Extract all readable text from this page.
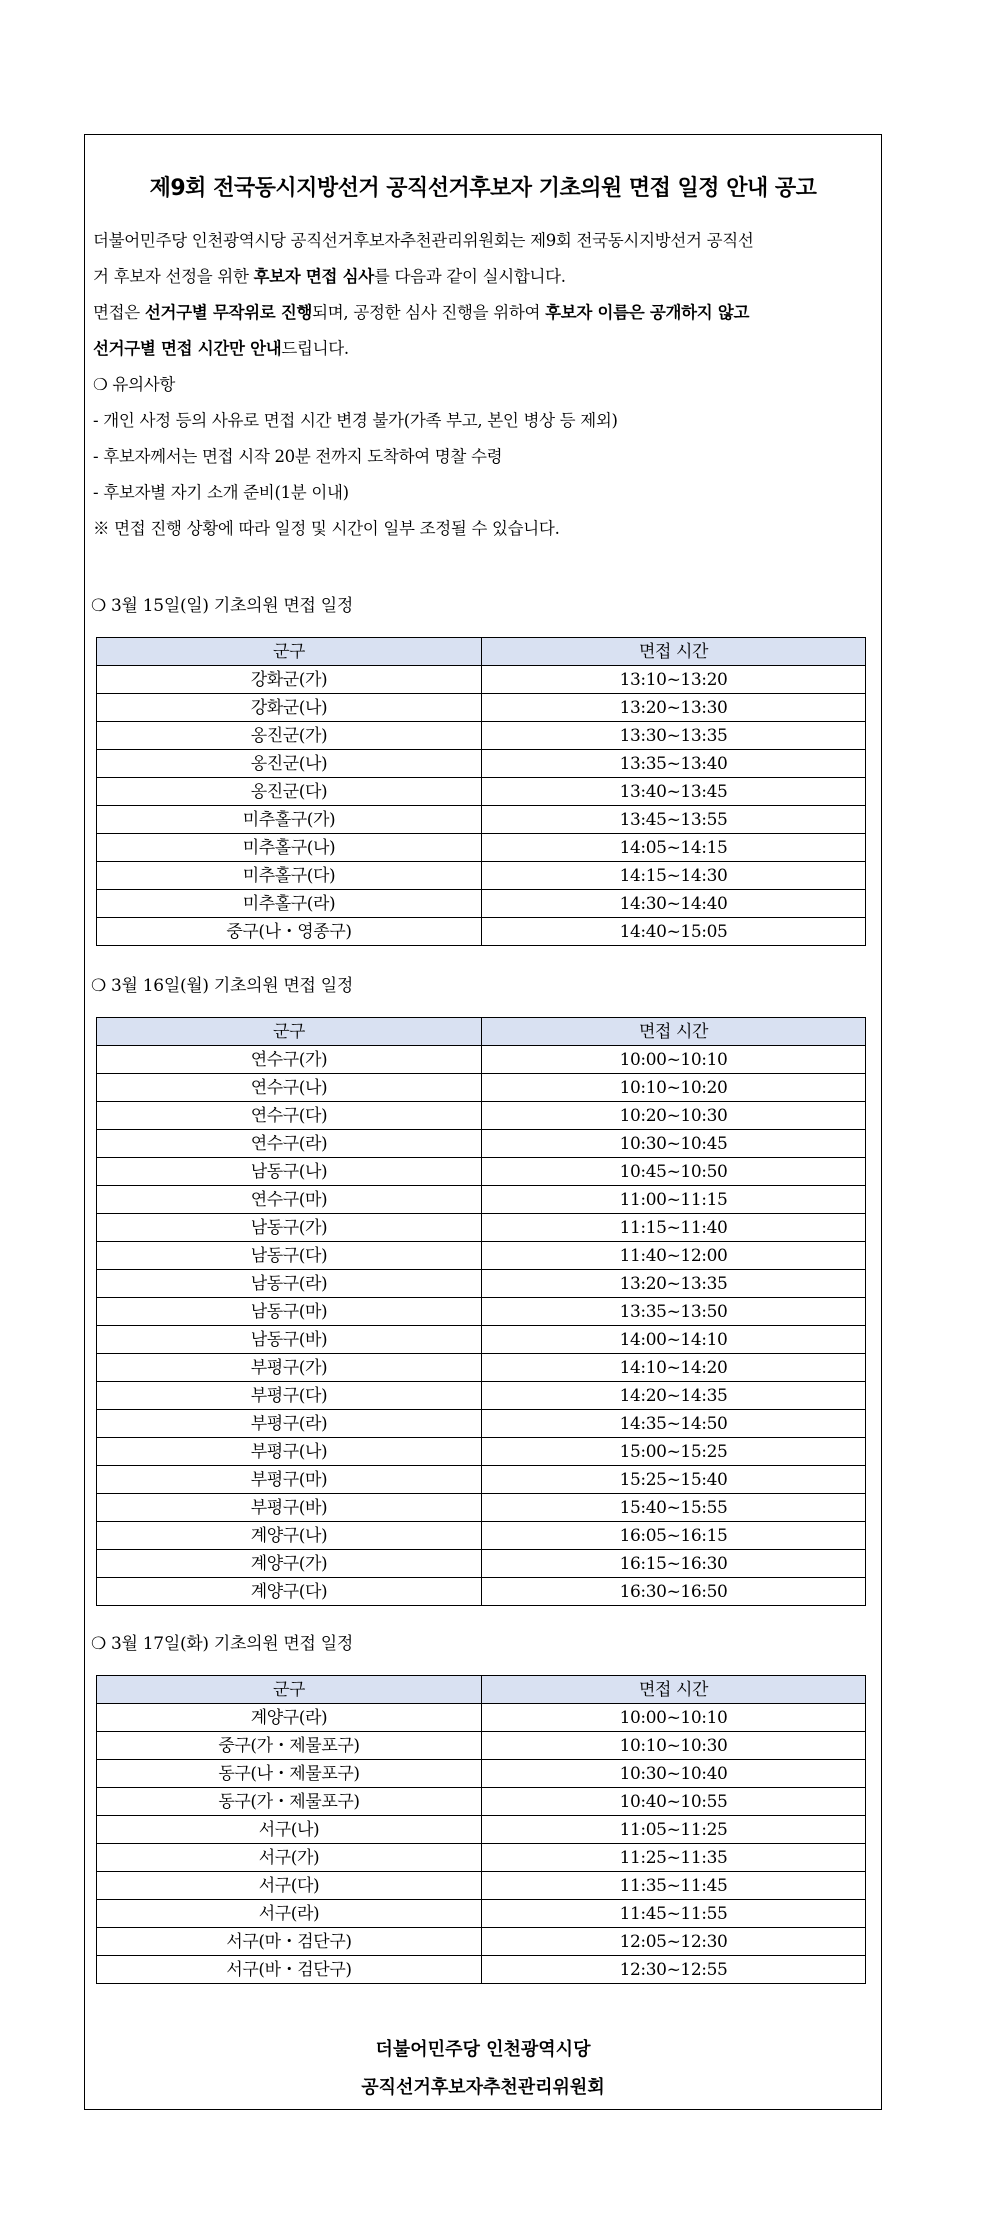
제9회 전국동시지방선거 공직선거후보자 기초의원 면접 일정 안내 공고
더불어민주당 인천광역시당 공직선거후보자추천관리위원회는 제9회 전국동시지방선거 공직선
거 후보자 선정을 위한 후보자 면접 심사를 다음과 같이 실시합니다.
면접은 선거구별 무작위로 진행되며, 공정한 심사 진행을 위하여 후보자 이름은 공개하지 않고
선거구별 면접 시간만 안내드립니다.
❍ 유의사항
- 개인 사정 등의 사유로 면접 시간 변경 불가(가족 부고, 본인 병상 등 제외)
- 후보자께서는 면접 시작 20분 전까지 도착하여 명찰 수령
- 후보자별 자기 소개 준비(1분 이내)
※ 면접 진행 상황에 따라 일정 및 시간이 일부 조정될 수 있습니다.
❍ 3월 15일(일) 기초의원 면접 일정
군구	면접 시간
강화군(가)	13:10~13:20
강화군(나)	13:20~13:30
옹진군(가)	13:30~13:35
옹진군(나)	13:35~13:40
옹진군(다)	13:40~13:45
미추홀구(가)	13:45~13:55
미추홀구(나)	14:05~14:15
미추홀구(다)	14:15~14:30
미추홀구(라)	14:30~14:40
중구(나・영종구)	14:40~15:05
❍ 3월 16일(월) 기초의원 면접 일정
군구	면접 시간
연수구(가)	10:00~10:10
연수구(나)	10:10~10:20
연수구(다)	10:20~10:30
연수구(라)	10:30~10:45
남동구(나)	10:45~10:50
연수구(마)	11:00~11:15
남동구(가)	11:15~11:40
남동구(다)	11:40~12:00
남동구(라)	13:20~13:35
남동구(마)	13:35~13:50
남동구(바)	14:00~14:10
부평구(가)	14:10~14:20
부평구(다)	14:20~14:35
부평구(라)	14:35~14:50
부평구(나)	15:00~15:25
부평구(마)	15:25~15:40
부평구(바)	15:40~15:55
계양구(나)	16:05~16:15
계양구(가)	16:15~16:30
계양구(다)	16:30~16:50
❍ 3월 17일(화) 기초의원 면접 일정
군구	면접 시간
계양구(라)	10:00~10:10
중구(가・제물포구)	10:10~10:30
동구(나・제물포구)	10:30~10:40
동구(가・제물포구)	10:40~10:55
서구(나)	11:05~11:25
서구(가)	11:25~11:35
서구(다)	11:35~11:45
서구(라)	11:45~11:55
서구(마・검단구)	12:05~12:30
서구(바・검단구)	12:30~12:55
더불어민주당 인천광역시당
공직선거후보자추천관리위원회
